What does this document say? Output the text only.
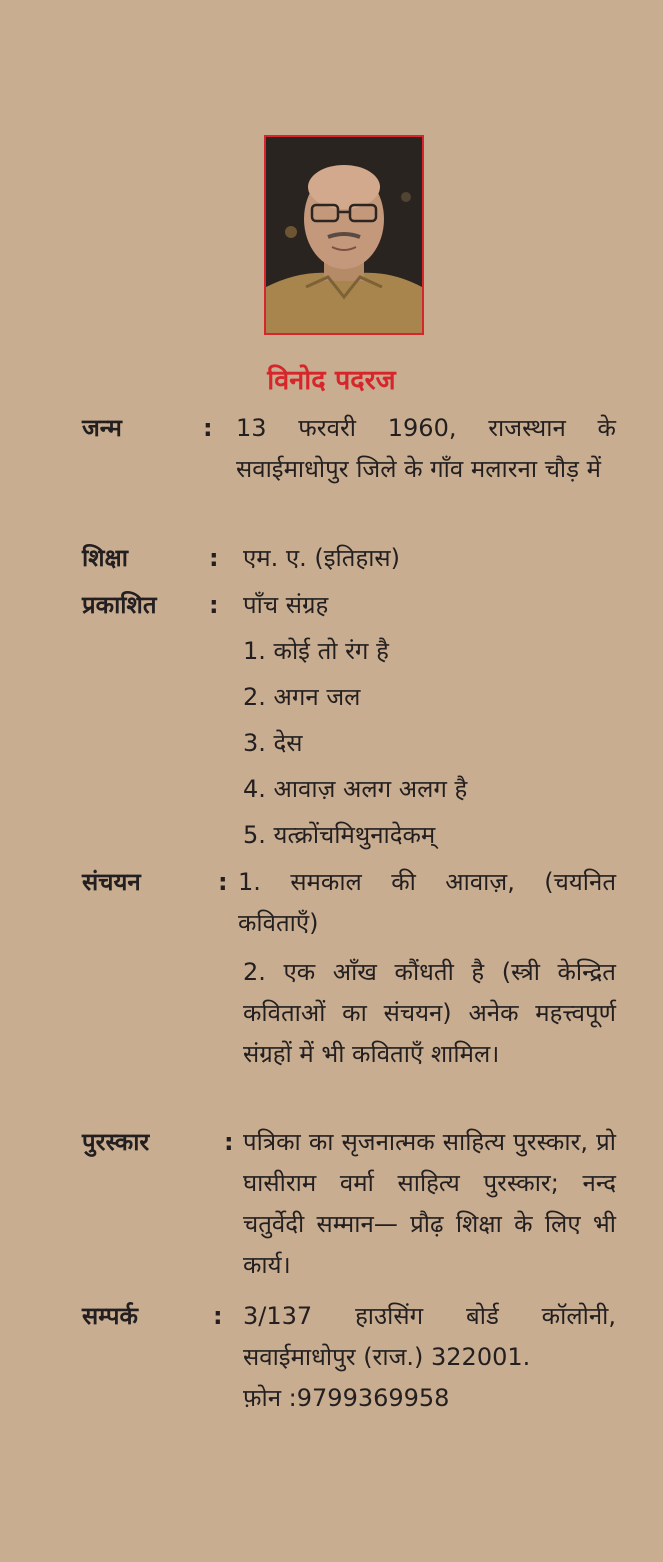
विनोद पदरज
जन्म	: 13 फरवरी 1960, राजस्थान के सवाईमाधोपुर जिले के गाँव मलारना चौड़ में
शिक्षा	: एम. ए. (इतिहास)
प्रकाशित : पाँच संग्रह
1. कोई तो रंग है
2. अगन जल
3. देस
4. आवाज़ अलग अलग है
5. यत्क्रोंचमिथुनादेकम्
संचयन	: 1. समकाल की आवाज़, (चयनित कविताएँ)
2. एक आँख कौंधती है (स्त्री केन्द्रित कविताओं का संचयन) अनेक महत्त्वपूर्ण संग्रहों में भी कविताएँ शामिल।
पुरस्कार	: पत्रिका का सृजनात्मक साहित्य पुरस्कार, प्रो घासीराम वर्मा साहित्य पुरस्कार; नन्द चतुर्वेदी सम्मान— प्रौढ़ शिक्षा के लिए भी कार्य।
सम्पर्क	: 3/137 हाउसिंग बोर्ड कॉलोनी, सवाईमाधोपुर (राज.) 322001.
फ़ोन :9799369958
